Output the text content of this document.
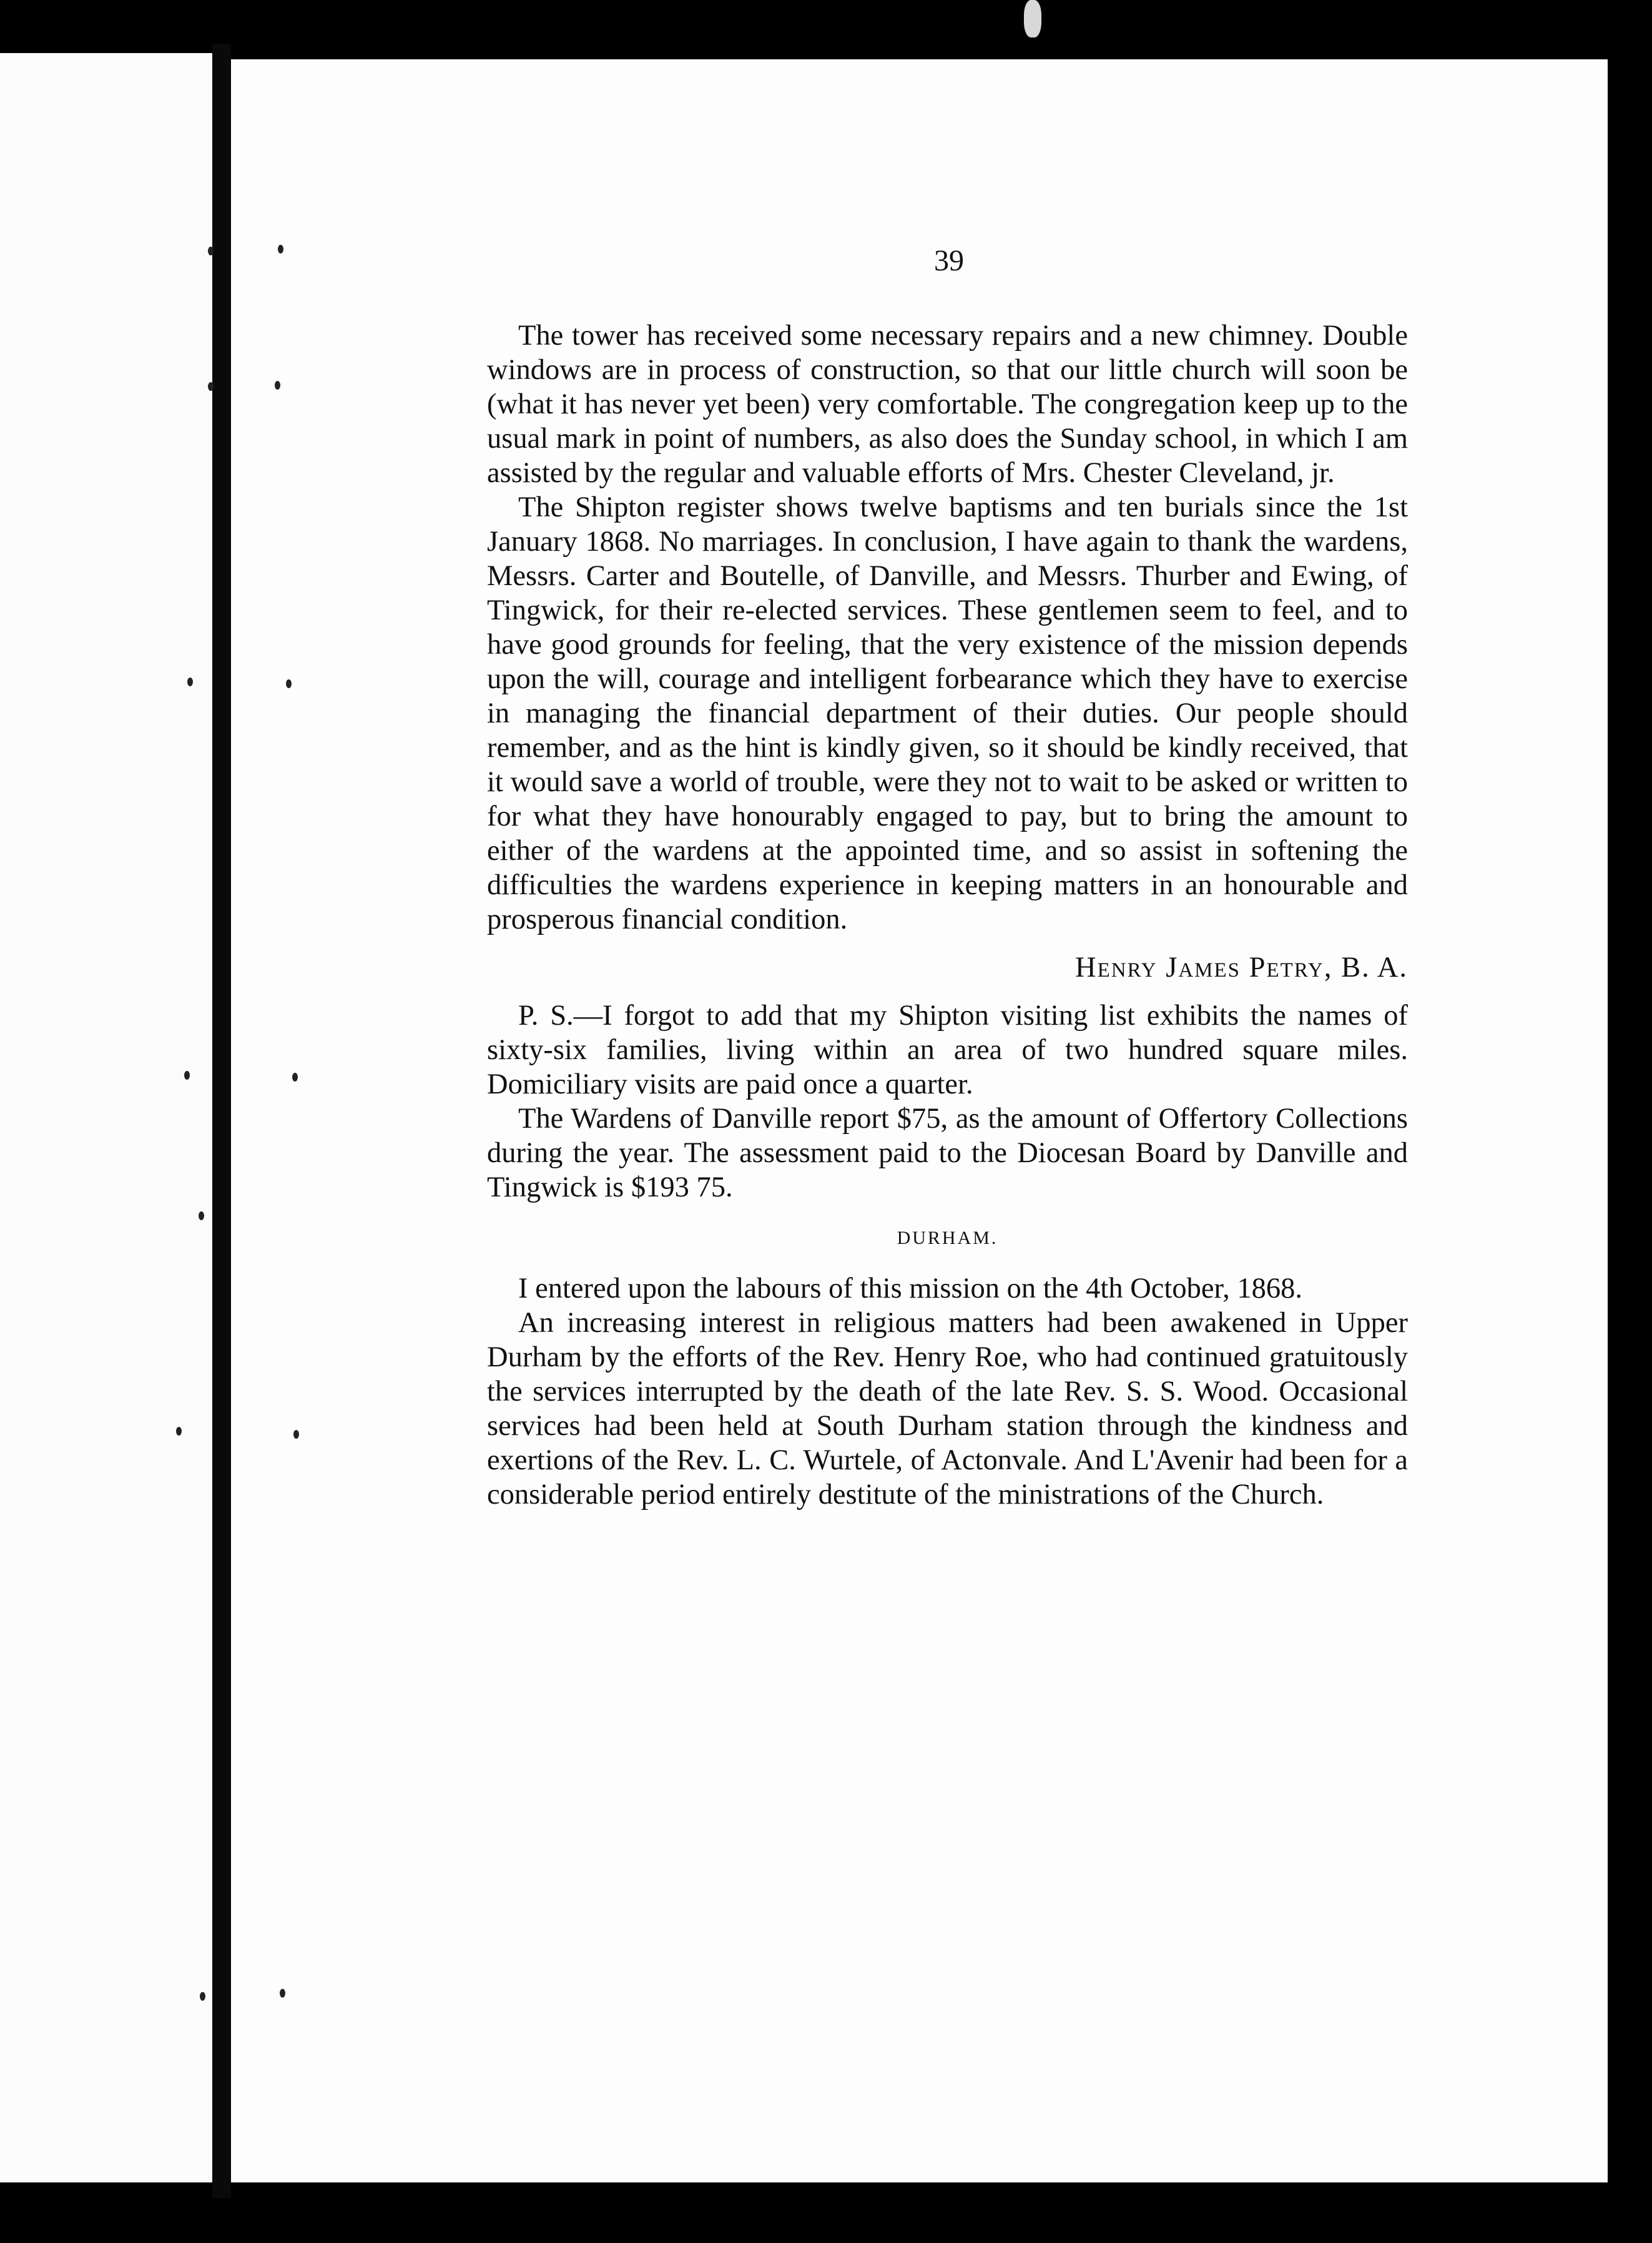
39

The tower has received some necessary repairs and a new chimney. Double windows are in process of construction, so that our little church will soon be (what it has never yet been) very comfortable. The congregation keep up to the usual mark in point of numbers, as also does the Sunday school, in which I am assisted by the regular and valuable efforts of Mrs. Chester Cleveland, jr.

The Shipton register shows twelve baptisms and ten burials since the 1st January 1868. No marriages. In conclusion, I have again to thank the wardens, Messrs. Carter and Boutelle, of Danville, and Messrs. Thurber and Ewing, of Tingwick, for their re-elected services. These gentlemen seem to feel, and to have good grounds for feeling, that the very existence of the mission depends upon the will, courage and intelligent forbearance which they have to exercise in managing the financial department of their duties. Our people should remember, and as the hint is kindly given, so it should be kindly received, that it would save a world of trouble, were they not to wait to be asked or written to for what they have honourably engaged to pay, but to bring the amount to either of the wardens at the appointed time, and so assist in softening the difficulties the wardens experience in keeping matters in an honourable and prosperous financial condition.

Henry James Petry, B. A.

P. S.—I forgot to add that my Shipton visiting list exhibits the names of sixty-six families, living within an area of two hundred square miles. Domiciliary visits are paid once a quarter.

The Wardens of Danville report $75, as the amount of Offertory Collections during the year. The assessment paid to the Diocesan Board by Danville and Tingwick is $193 75.

DURHAM.

I entered upon the labours of this mission on the 4th October, 1868.

An increasing interest in religious matters had been awakened in Upper Durham by the efforts of the Rev. Henry Roe, who had continued gratuitously the services interrupted by the death of the late Rev. S. S. Wood. Occasional services had been held at South Durham station through the kindness and exertions of the Rev. L. C. Wurtele, of Actonvale. And L'Avenir had been for a considerable period entirely destitute of the ministrations of the Church.
